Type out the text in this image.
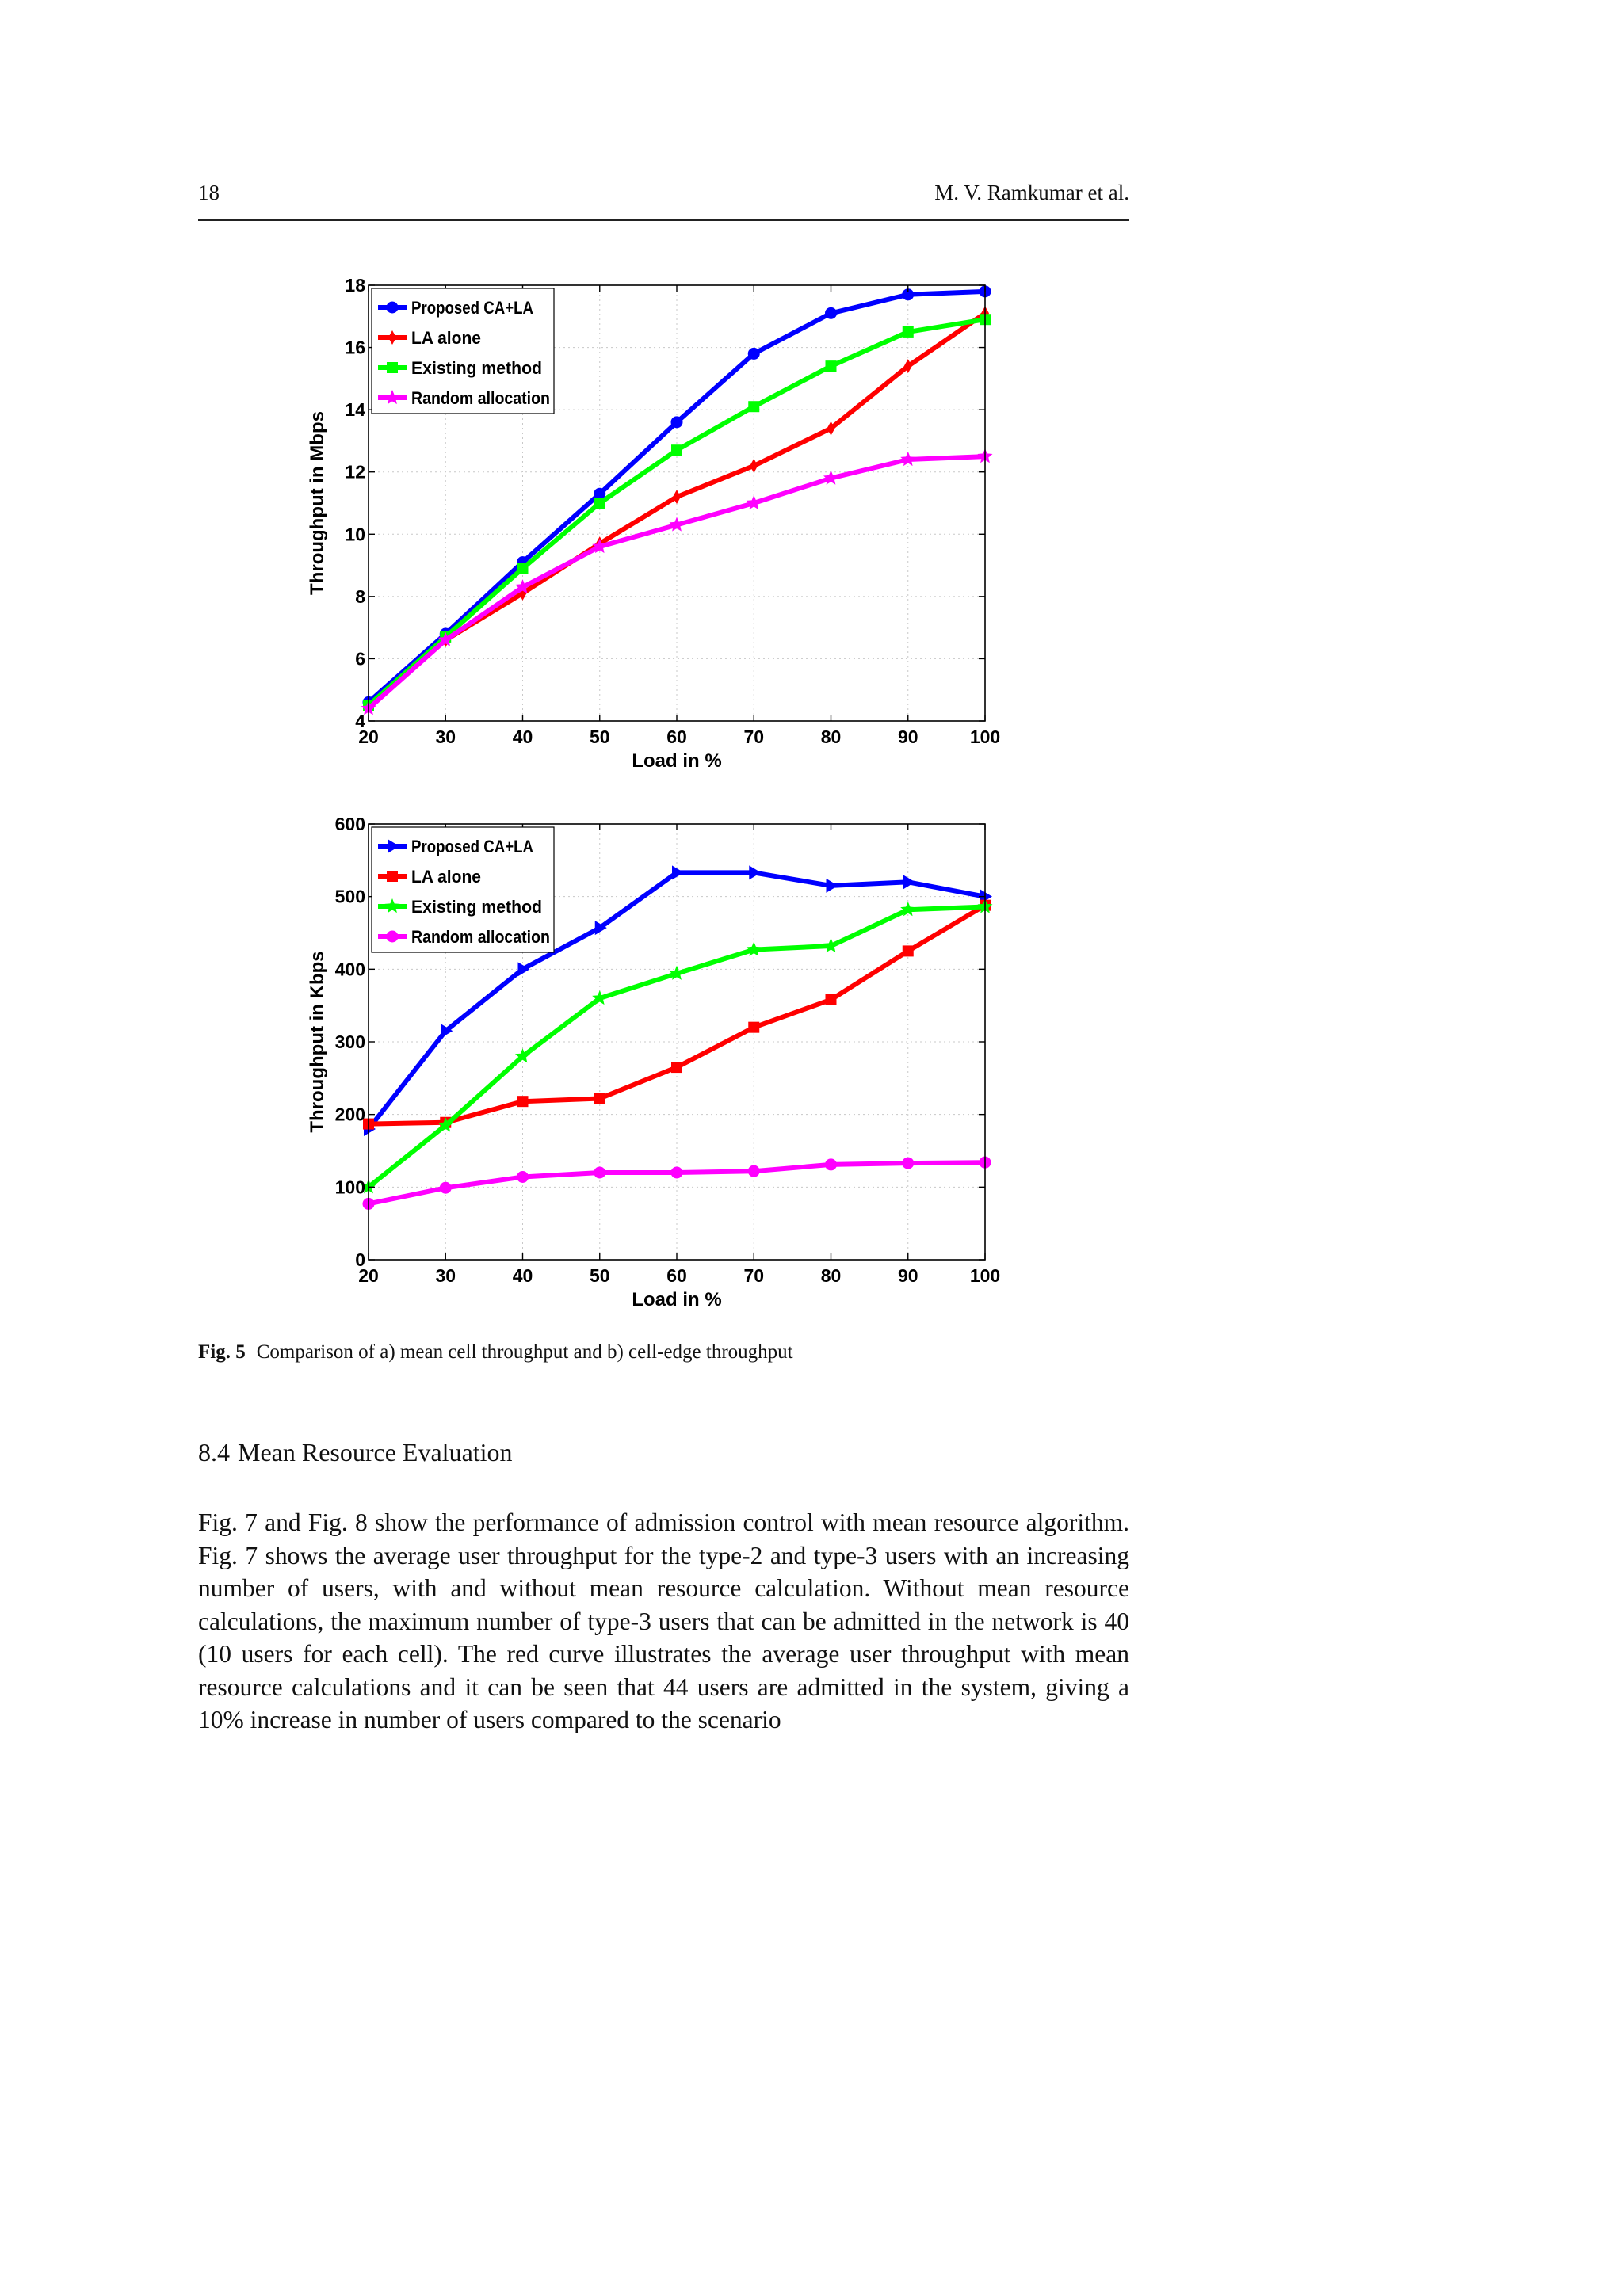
18	M. V. Ramkumar et al.
20	30	40	50	60	70	80	90	100
4
6
8
10
12
14
16
18
Load in %
Throughput in Mbps
Proposed CA+LA
LA alone
Existing method
Random allocation
20	30	40	50	60	70	80	90	100
0
100
200
300
400
500
600
Load in %
Throughput in Kbps
Proposed CA+LA
LA alone
Existing method
Random allocation
Fig. 5 Comparison of a) mean cell throughput and b) cell-edge throughput
8.4 Mean Resource Evaluation
Fig. 7 and Fig. 8 show the performance of admission control with mean resource algorithm. Fig. 7 shows the average user throughput for the type-2 and type-3 users with an increasing number of users, with and without mean resource calculation. Without mean resource calculations, the maximum number of type-3 users that can be admitted in the network is 40 (10 users for each cell). The red curve illustrates the average user throughput with mean resource calculations and it can be seen that 44 users are admitted in the system, giving a 10% increase in number of users compared to the scenario
